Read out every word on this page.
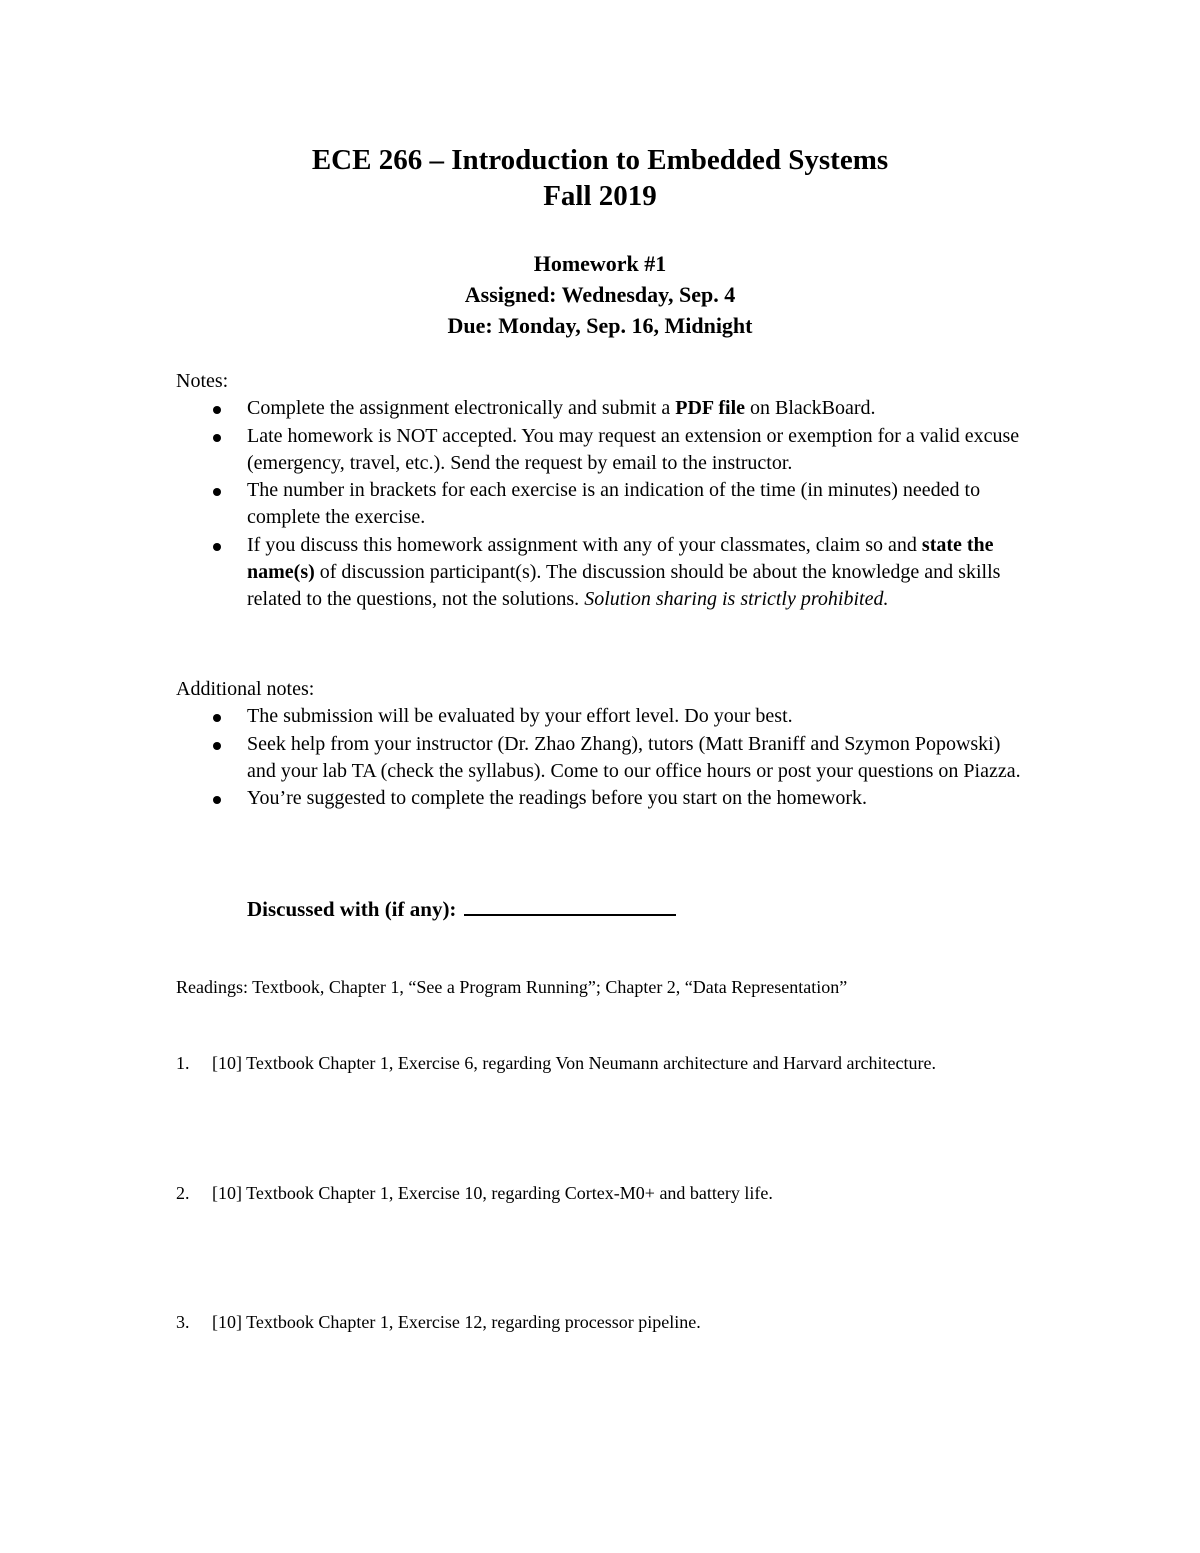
ECE 266 – Introduction to Embedded Systems
Fall 2019
Homework #1
Assigned: Wednesday, Sep. 4
Due: Monday, Sep. 16, Midnight

Notes:

Complete the assignment electronically and submit a PDF file on BlackBoard.
Late homework is NOT accepted. You may request an extension or exemption for a valid excuse (emergency, travel, etc.). Send the request by email to the instructor.
The number in brackets for each exercise is an indication of the time (in minutes) needed to complete the exercise.
If you discuss this homework assignment with any of your classmates, claim so and state the name(s) of discussion participant(s). The discussion should be about the knowledge and skills related to the questions, not the solutions. Solution sharing is strictly prohibited.

Additional notes:

The submission will be evaluated by your effort level. Do your best.
Seek help from your instructor (Dr. Zhao Zhang), tutors (Matt Braniff and Szymon Popowski) and your lab TA (check the syllabus). Come to our office hours or post your questions on Piazza.
You’re suggested to complete the readings before you start on the homework.
Discussed with (if any):
Readings: Textbook, Chapter 1, “See a Program Running”; Chapter 2, “Data Representation”
1. [10] Textbook Chapter 1, Exercise 6, regarding Von Neumann architecture and Harvard architecture.
2. [10] Textbook Chapter 1, Exercise 10, regarding Cortex-M0+ and battery life.
3. [10] Textbook Chapter 1, Exercise 12, regarding processor pipeline.
